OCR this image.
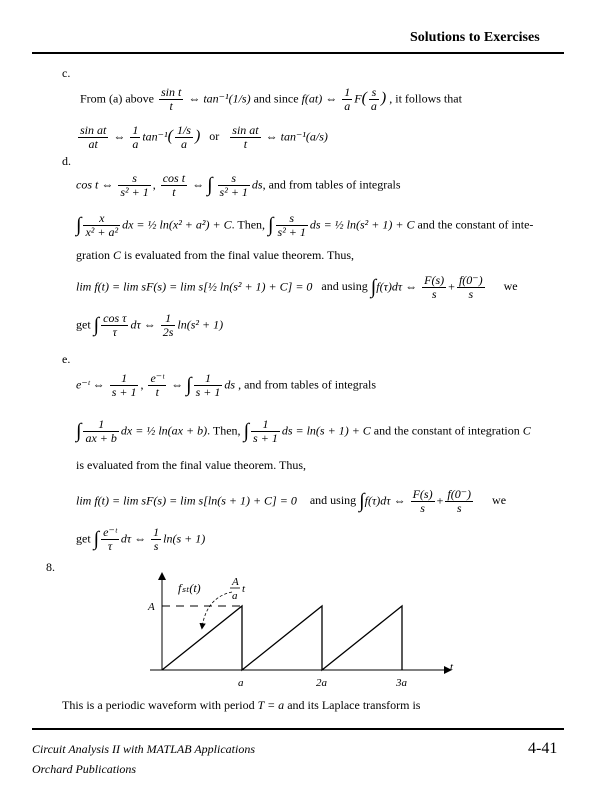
Solutions to Exercises
c.
From (a) above $\frac{\text{sin t}}{t}$ ⇔ tan⁻¹(1/s) and since f(at) ⇔ $\frac{1}{a} F( \frac{s}{a}$ ) , it follows that
$\frac{\text{sin at}}{at}$ ⇔ $\frac{1}{a} \tan^{-1}( \frac{1/s}{a}$ ) or $\frac{\text{sin at}}{t}$ ⇔ tan⁻¹(a/s)
d.
cos t ⇔ $\frac{s}{\text{s² + 1}}$ , $\frac{\text{cos t}}{t}$ ⇔ ∫ $\frac{s}{\text{s² + 1}}$ ds, and from tables of integrals
∫ $\frac{x}{\text{x² + a²}}$ dx = ½ ln(x² + a²) + C. Then, ∫ $\frac{s}{\text{s² + 1}}$ ds = ½ ln(s² + 1) + C and the constant of inte-
gration C is evaluated from the final value theorem. Thus,
lim f(t) = lim sF(s) = lim s[½ ln(s² + 1) + C] = 0 and using ∫f(τ)dτ ⇔ $\frac{F(s)}{s} + \frac{f(0^-)}{s}$ we
get ∫ $\frac{\text{cos τ}}{\tau}$ dτ ⇔ $\frac{1}{2s} \ln(s^2 + 1)$
e.
e⁻ᵗ ⇔ $\frac{1}{s + 1}$ , $\frac{\text{e⁻ᵗ}}{t}$ ⇔ ∫ $\frac{1}{s + 1}$ ds , and from tables of integrals
∫ $\frac{1}{ax + b}$ dx = ½ ln(ax + b). Then, ∫ $\frac{1}{s + 1}$ ds = ln(s + 1) + C and the constant of integration C
is evaluated from the final value theorem. Thus,
lim f(t) = lim sF(s) = lim s[ln(s + 1) + C] = 0 and using ∫f(τ)dτ ⇔ $\frac{F(s)}{s} + \frac{f(0^-)}{s}$ we
get ∫ $\frac{\text{e⁻ᵗ}}{\tau}$ dτ ⇔ $\frac{1}{s} \ln(s + 1)$
8.
fₛₜ(t)	A
a
t
A
a	2a	3a
t
This is a periodic waveform with period T = a and its Laplace transform is
Circuit Analysis II with MATLAB Applications
Orchard Publications
4-41
